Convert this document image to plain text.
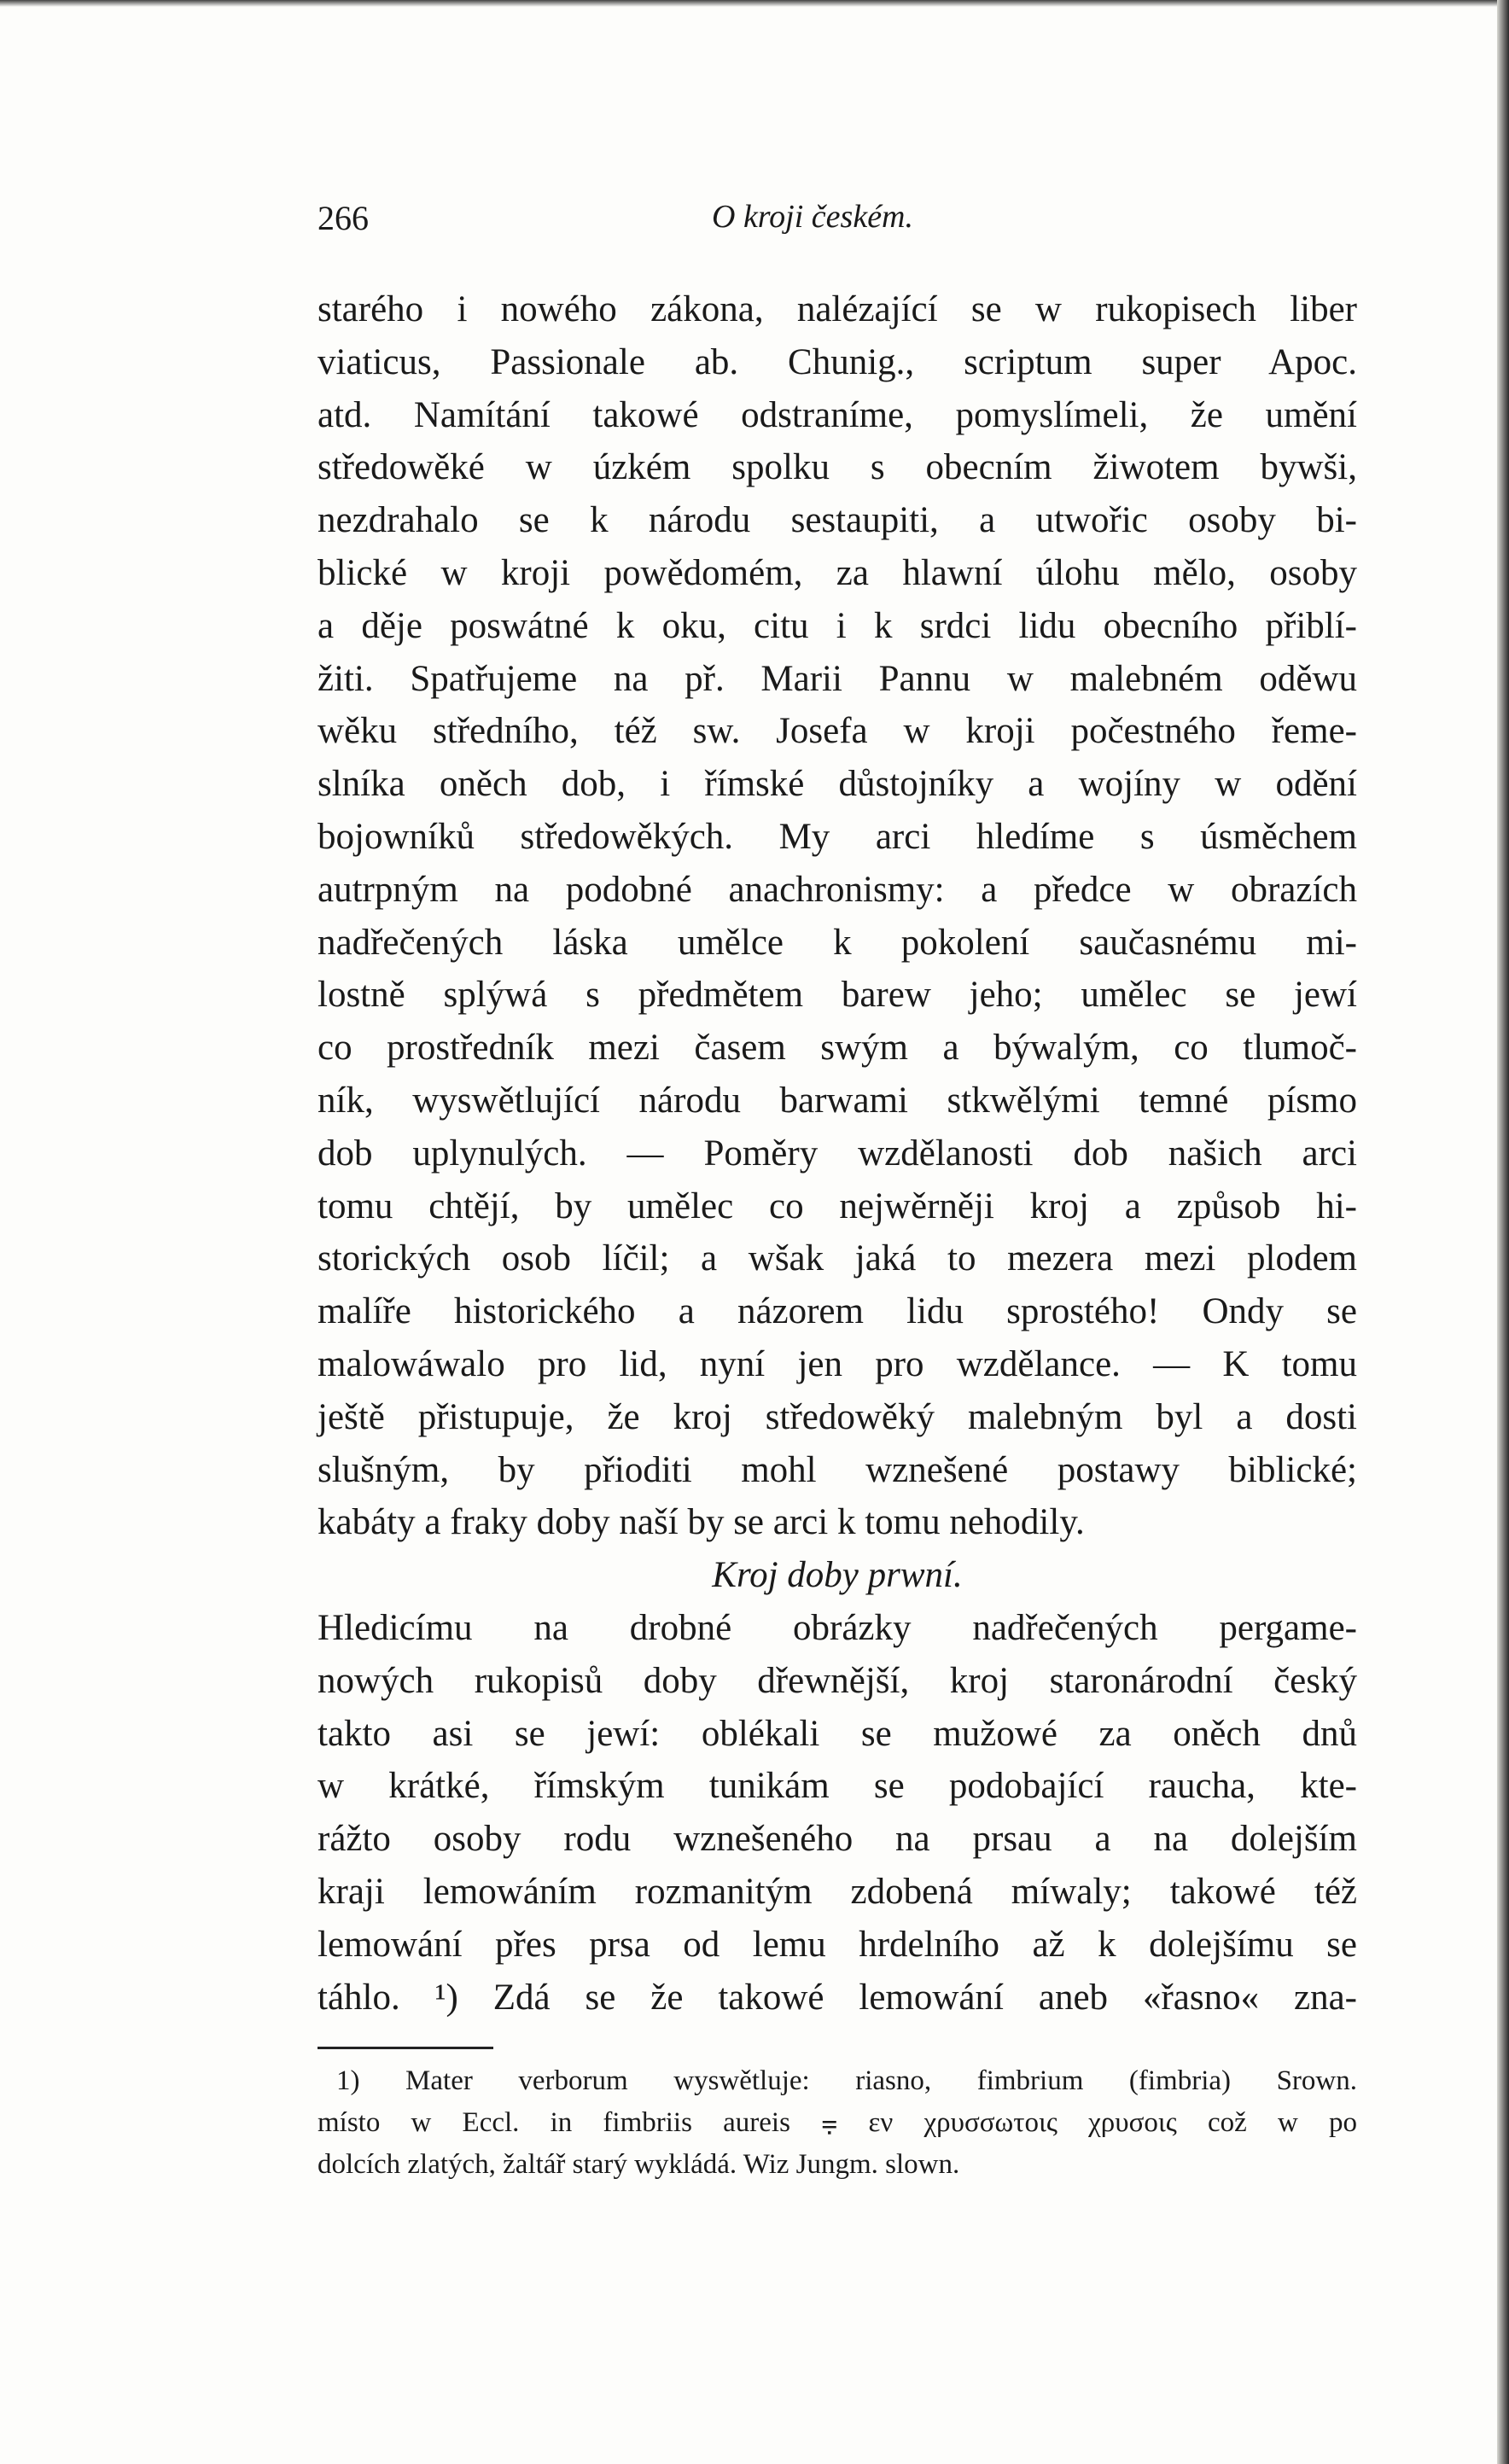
266	O kroji českém.
starého i nowého zákona, nalézající se w rukopisech liber
viaticus, Passionale ab. Chunig., scriptum super Apoc.
atd. Namítání takowé odstraníme, pomyslímeli, že umění
středowěké w úzkém spolku s obecním žiwotem bywši,
nezdrahalo se k národu sestaupiti, a utwořic osoby bi-
blické w kroji powědomém, za hlawní úlohu mělo, osoby
a děje poswátné k oku, citu i k srdci lidu obecního přiblí-
žiti. Spatřujeme na př. Marii Pannu w malebném oděwu
wěku středního, též sw. Josefa w kroji počestného řeme-
slníka oněch dob, i římské důstojníky a wojíny w odění
bojowníků středowěkých. My arci hledíme s úsměchem
autrpným na podobné anachronismy: a předce w obrazích
nadřečených láska umělce k pokolení saučasnému mi-
lostně splýwá s předmětem barew jeho; umělec se jewí
co prostředník mezi časem swým a býwalým, co tlumoč-
ník, wyswětlující národu barwami stkwělými temné písmo
dob uplynulých. — Poměry wzdělanosti dob našich arci
tomu chtějí, by umělec co nejwěrněji kroj a způsob hi-
storických osob líčil; a wšak jaká to mezera mezi plodem
malíře historického a názorem lidu sprostého! Ondy se
malowáwalo pro lid, nyní jen pro wzdělance. — K tomu
ještě přistupuje, že kroj středowěký malebným byl a dosti
slušným, by přioditi mohl wznešené postawy biblické;
kabáty a fraky doby naší by se arci k tomu nehodily.
Kroj doby prwní.
Hledicímu na drobné obrázky nadřečených pergame-
nowých rukopisů doby dřewnější, kroj staronárodní český
takto asi se jewí: oblékali se mužowé za oněch dnů
w krátké, římským tunikám se podobající raucha, kte-
rážto osoby rodu wznešeného na prsau a na dolejším
kraji lemowáním rozmanitým zdobená míwaly; takowé též
lemowání přes prsa od lemu hrdelního až k dolejšímu se
táhlo. ¹) Zdá se že takowé lemowání aneb «řasno« zna-
1) Mater verborum wyswětluje: riasno, fimbrium (fimbria) Srown.
místo w Eccl. in fimbriis aureis ⩦ εν χρυσσωτοις χρυσοις což w po
dolcích zlatých, žaltář starý wykládá. Wiz Jungm. slown.
